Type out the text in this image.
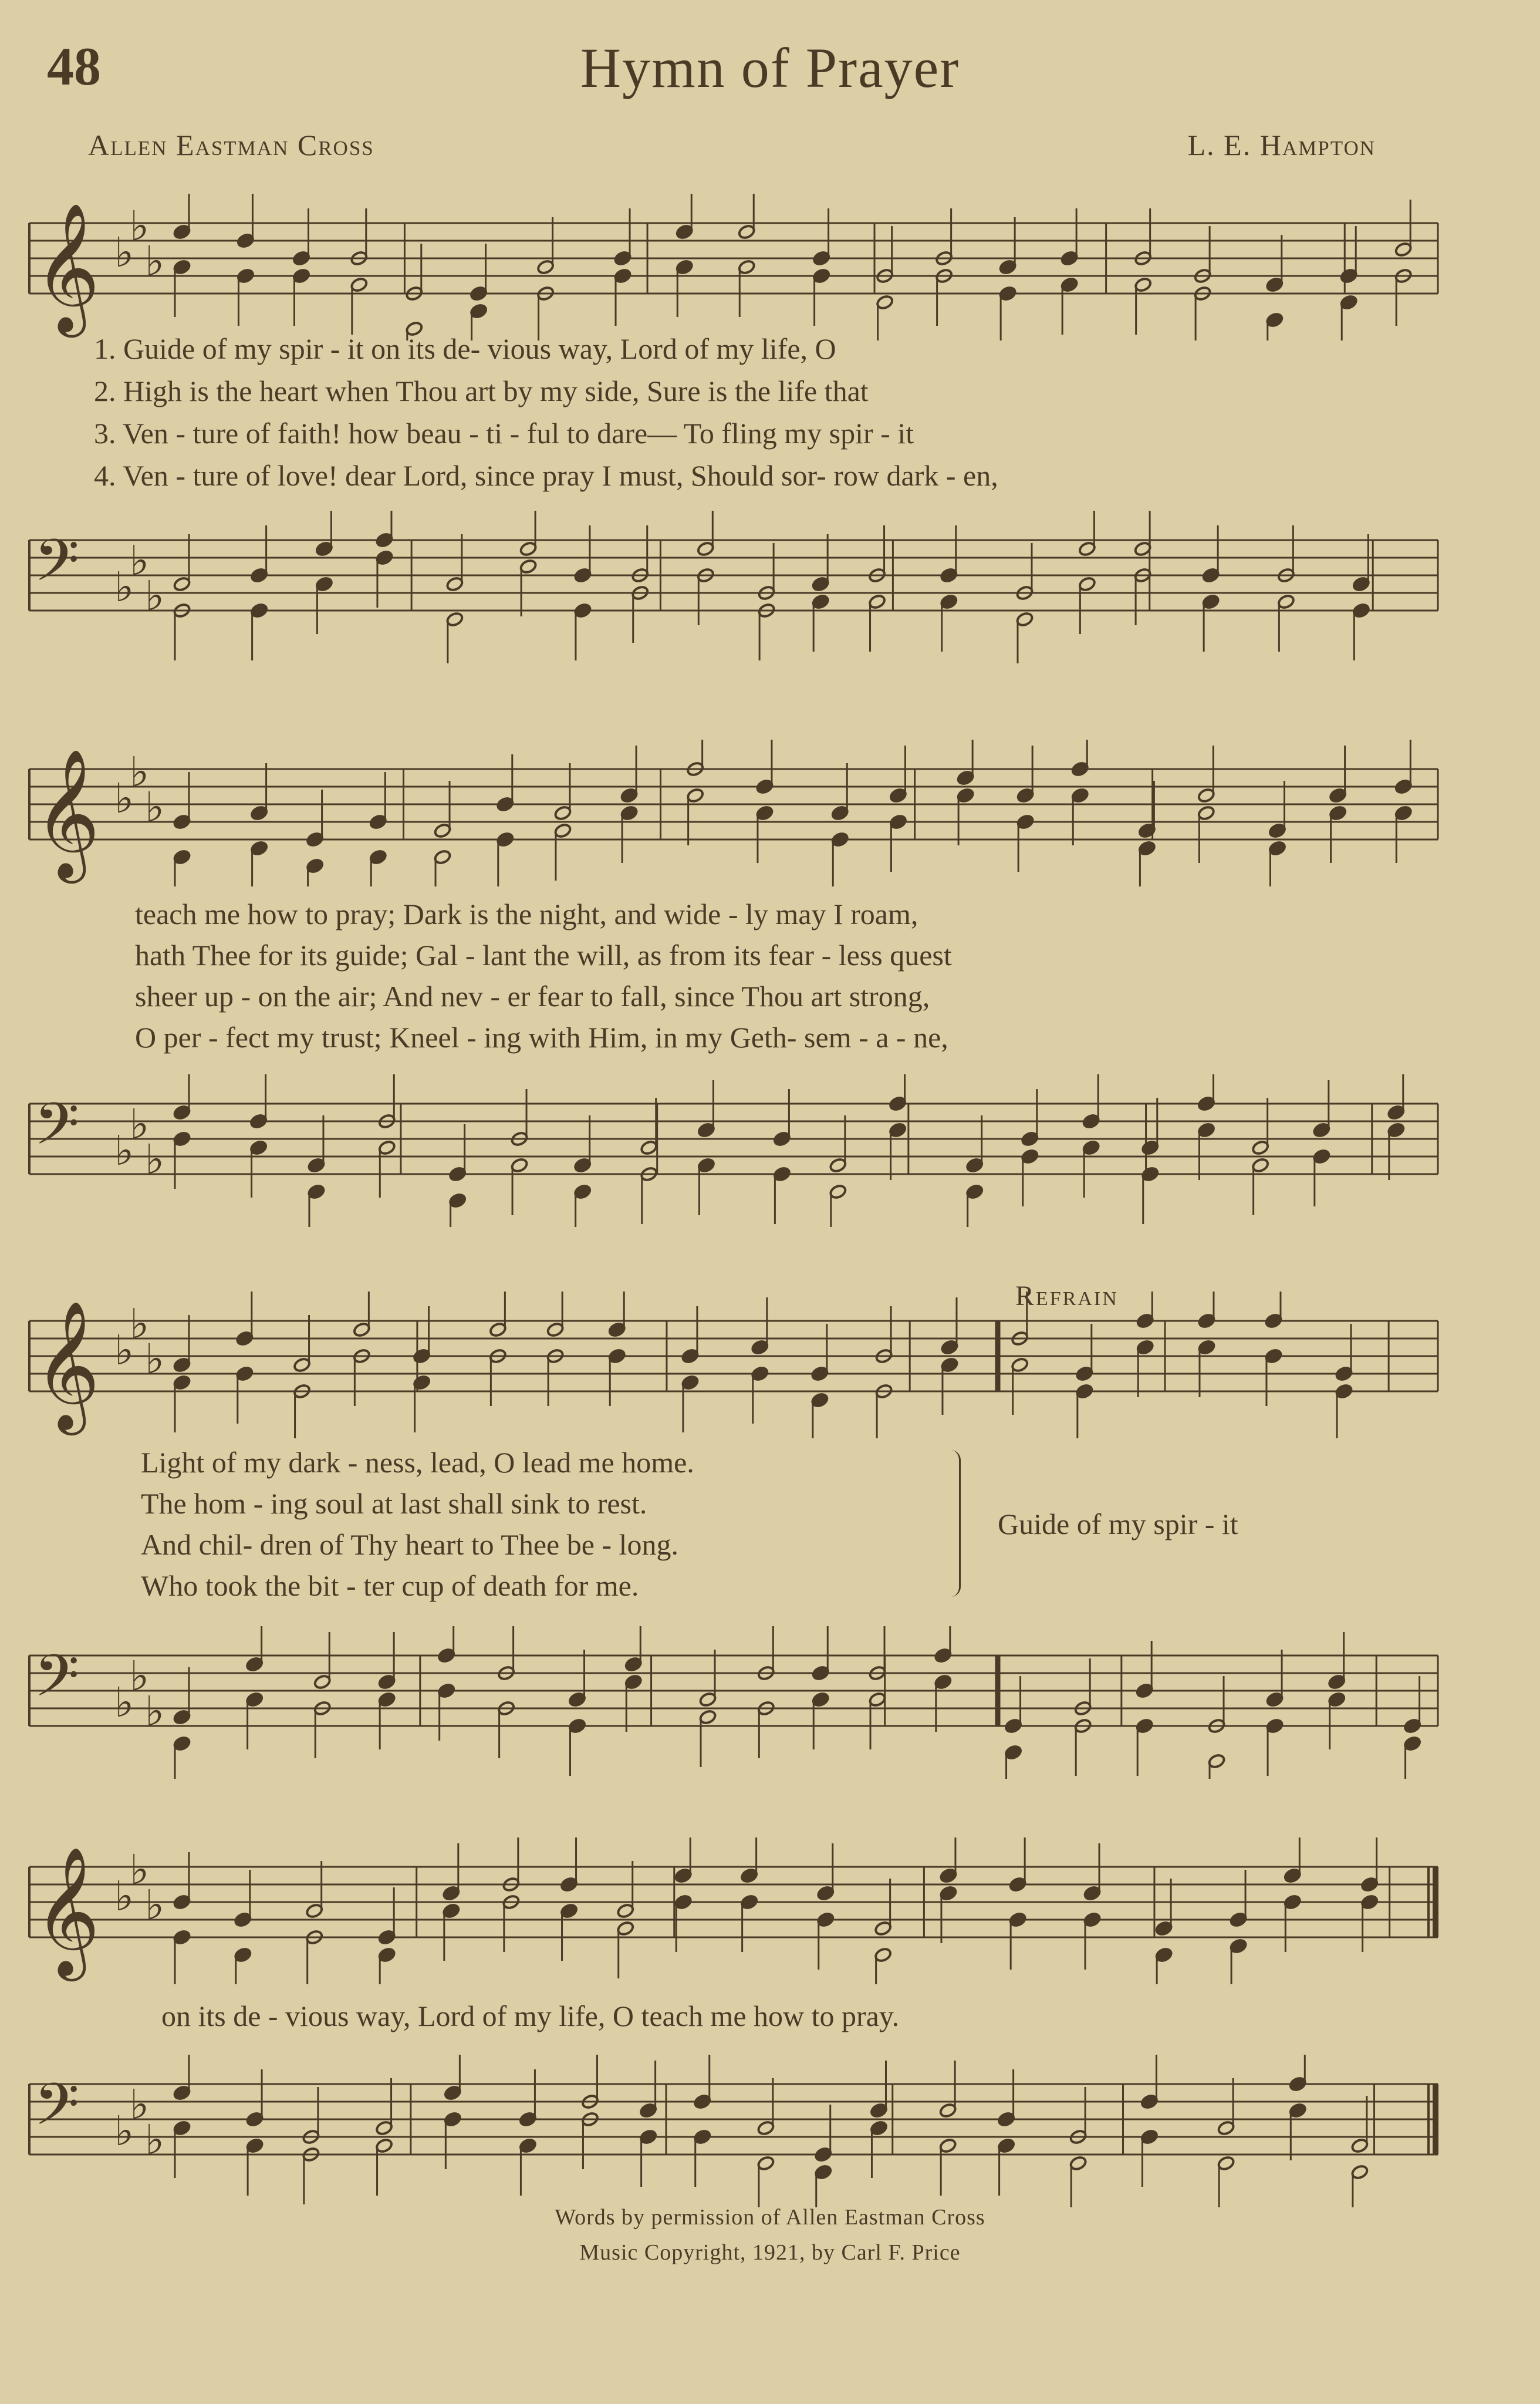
48	Hymn of Prayer
Allen Eastman Cross	L. E. Hampton
𝄞 ♭
♭
♭
1. Guide of my spir - it on its de- vious way, Lord of my life, O
2. High is the heart when Thou art by my side, Sure is the life that
3. Ven - ture of faith! how beau - ti - ful to dare— To fling my spir - it
4. Ven - ture of love! dear Lord, since pray I must, Should sor- row dark - en,
𝄢 ♭
♭
♭
𝄞 ♭
♭
♭
teach me how to pray; Dark is the night, and wide - ly may I roam,
hath Thee for its guide; Gal - lant the will, as from its fear - less quest
sheer up - on the air; And nev - er fear to fall, since Thou art strong,
O per - fect my trust; Kneel - ing with Him, in my Geth- sem - a - ne,
𝄢 ♭
♭
♭
Refrain
𝄞 ♭
♭
♭
Light of my dark - ness, lead, O lead me home.
The hom - ing soul at last shall sink to rest.
And chil- dren of Thy heart to Thee be - long.
Who took the bit - ter cup of death for me.
Guide of my spir - it
𝄢 ♭
♭
♭
𝄞 ♭
♭
♭
on its de - vious way, Lord of my life, O teach me how to pray.
𝄢 ♭
♭
♭
Words by permission of Allen Eastman Cross
Music Copyright, 1921, by Carl F. Price
